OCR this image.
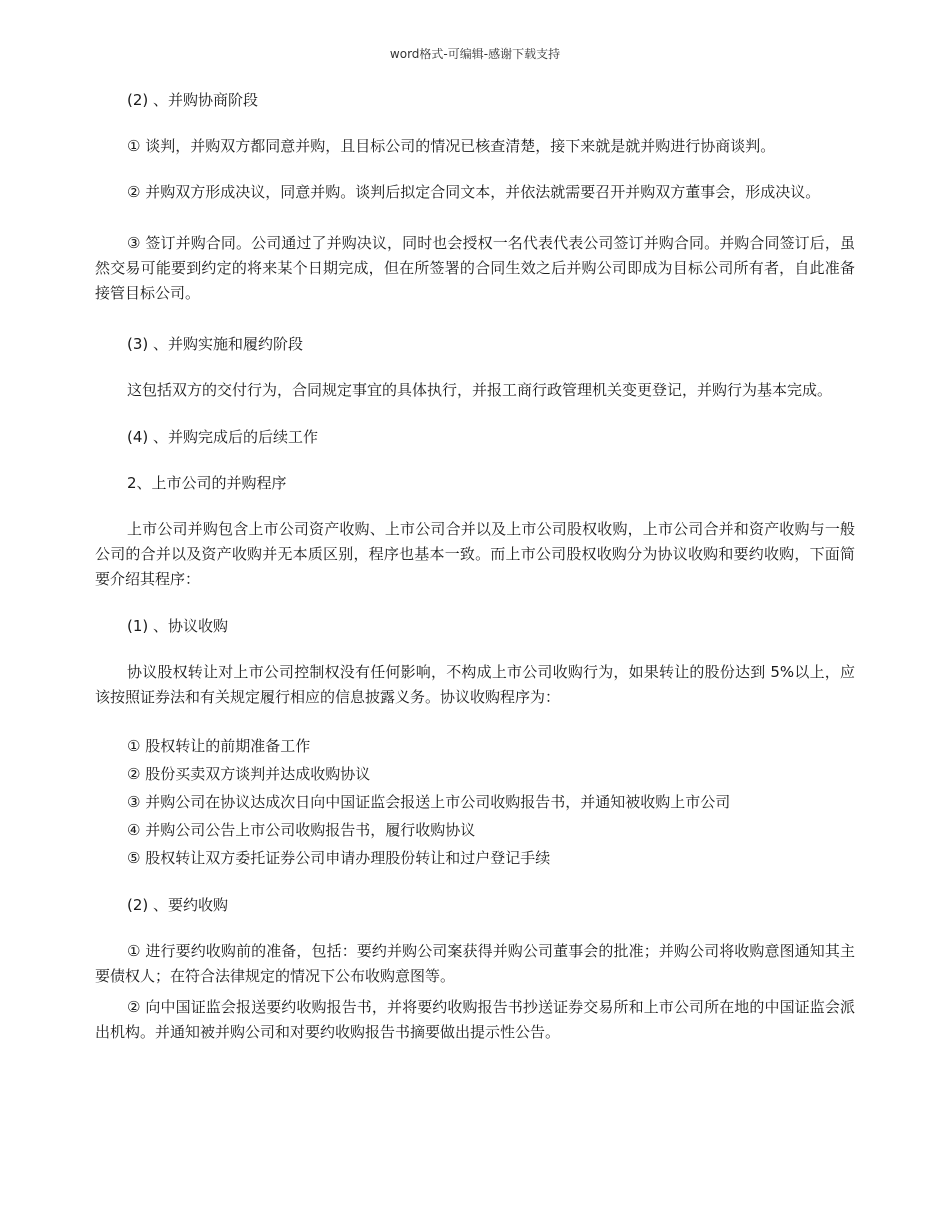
word格式-可编辑-感谢下载支持

(2) 、并购协商阶段

① 谈判，并购双方都同意并购，且目标公司的情况已核查清楚，接下来就是就并购进行协商谈判。

② 并购双方形成决议，同意并购。谈判后拟定合同文本，并依法就需要召开并购双方董事会，形成决议。

③ 签订并购合同。公司通过了并购决议，同时也会授权一名代表代表公司签订并购合同。并购合同签订后，虽然交易可能要到约定的将来某个日期完成，但在所签署的合同生效之后并购公司即成为目标公司所有者，自此准备接管目标公司。

(3) 、并购实施和履约阶段

这包括双方的交付行为，合同规定事宜的具体执行，并报工商行政管理机关变更登记，并购行为基本完成。

(4) 、并购完成后的后续工作

2、上市公司的并购程序

上市公司并购包含上市公司资产收购、上市公司合并以及上市公司股权收购，上市公司合并和资产收购与一般公司的合并以及资产收购并无本质区别，程序也基本一致。而上市公司股权收购分为协议收购和要约收购，下面简要介绍其程序：

(1) 、协议收购

协议股权转让对上市公司控制权没有任何影响，不构成上市公司收购行为，如果转让的股份达到 5%以上，应该按照证券法和有关规定履行相应的信息披露义务。协议收购程序为：

① 股权转让的前期准备工作

② 股份买卖双方谈判并达成收购协议

③ 并购公司在协议达成次日向中国证监会报送上市公司收购报告书，并通知被收购上市公司

④ 并购公司公告上市公司收购报告书，履行收购协议

⑤ 股权转让双方委托证券公司申请办理股份转让和过户登记手续

(2) 、要约收购

① 进行要约收购前的准备，包括：要约并购公司案获得并购公司董事会的批准；并购公司将收购意图通知其主要债权人；在符合法律规定的情况下公布收购意图等。

② 向中国证监会报送要约收购报告书，并将要约收购报告书抄送证券交易所和上市公司所在地的中国证监会派出机构。并通知被并购公司和对要约收购报告书摘要做出提示性公告。
